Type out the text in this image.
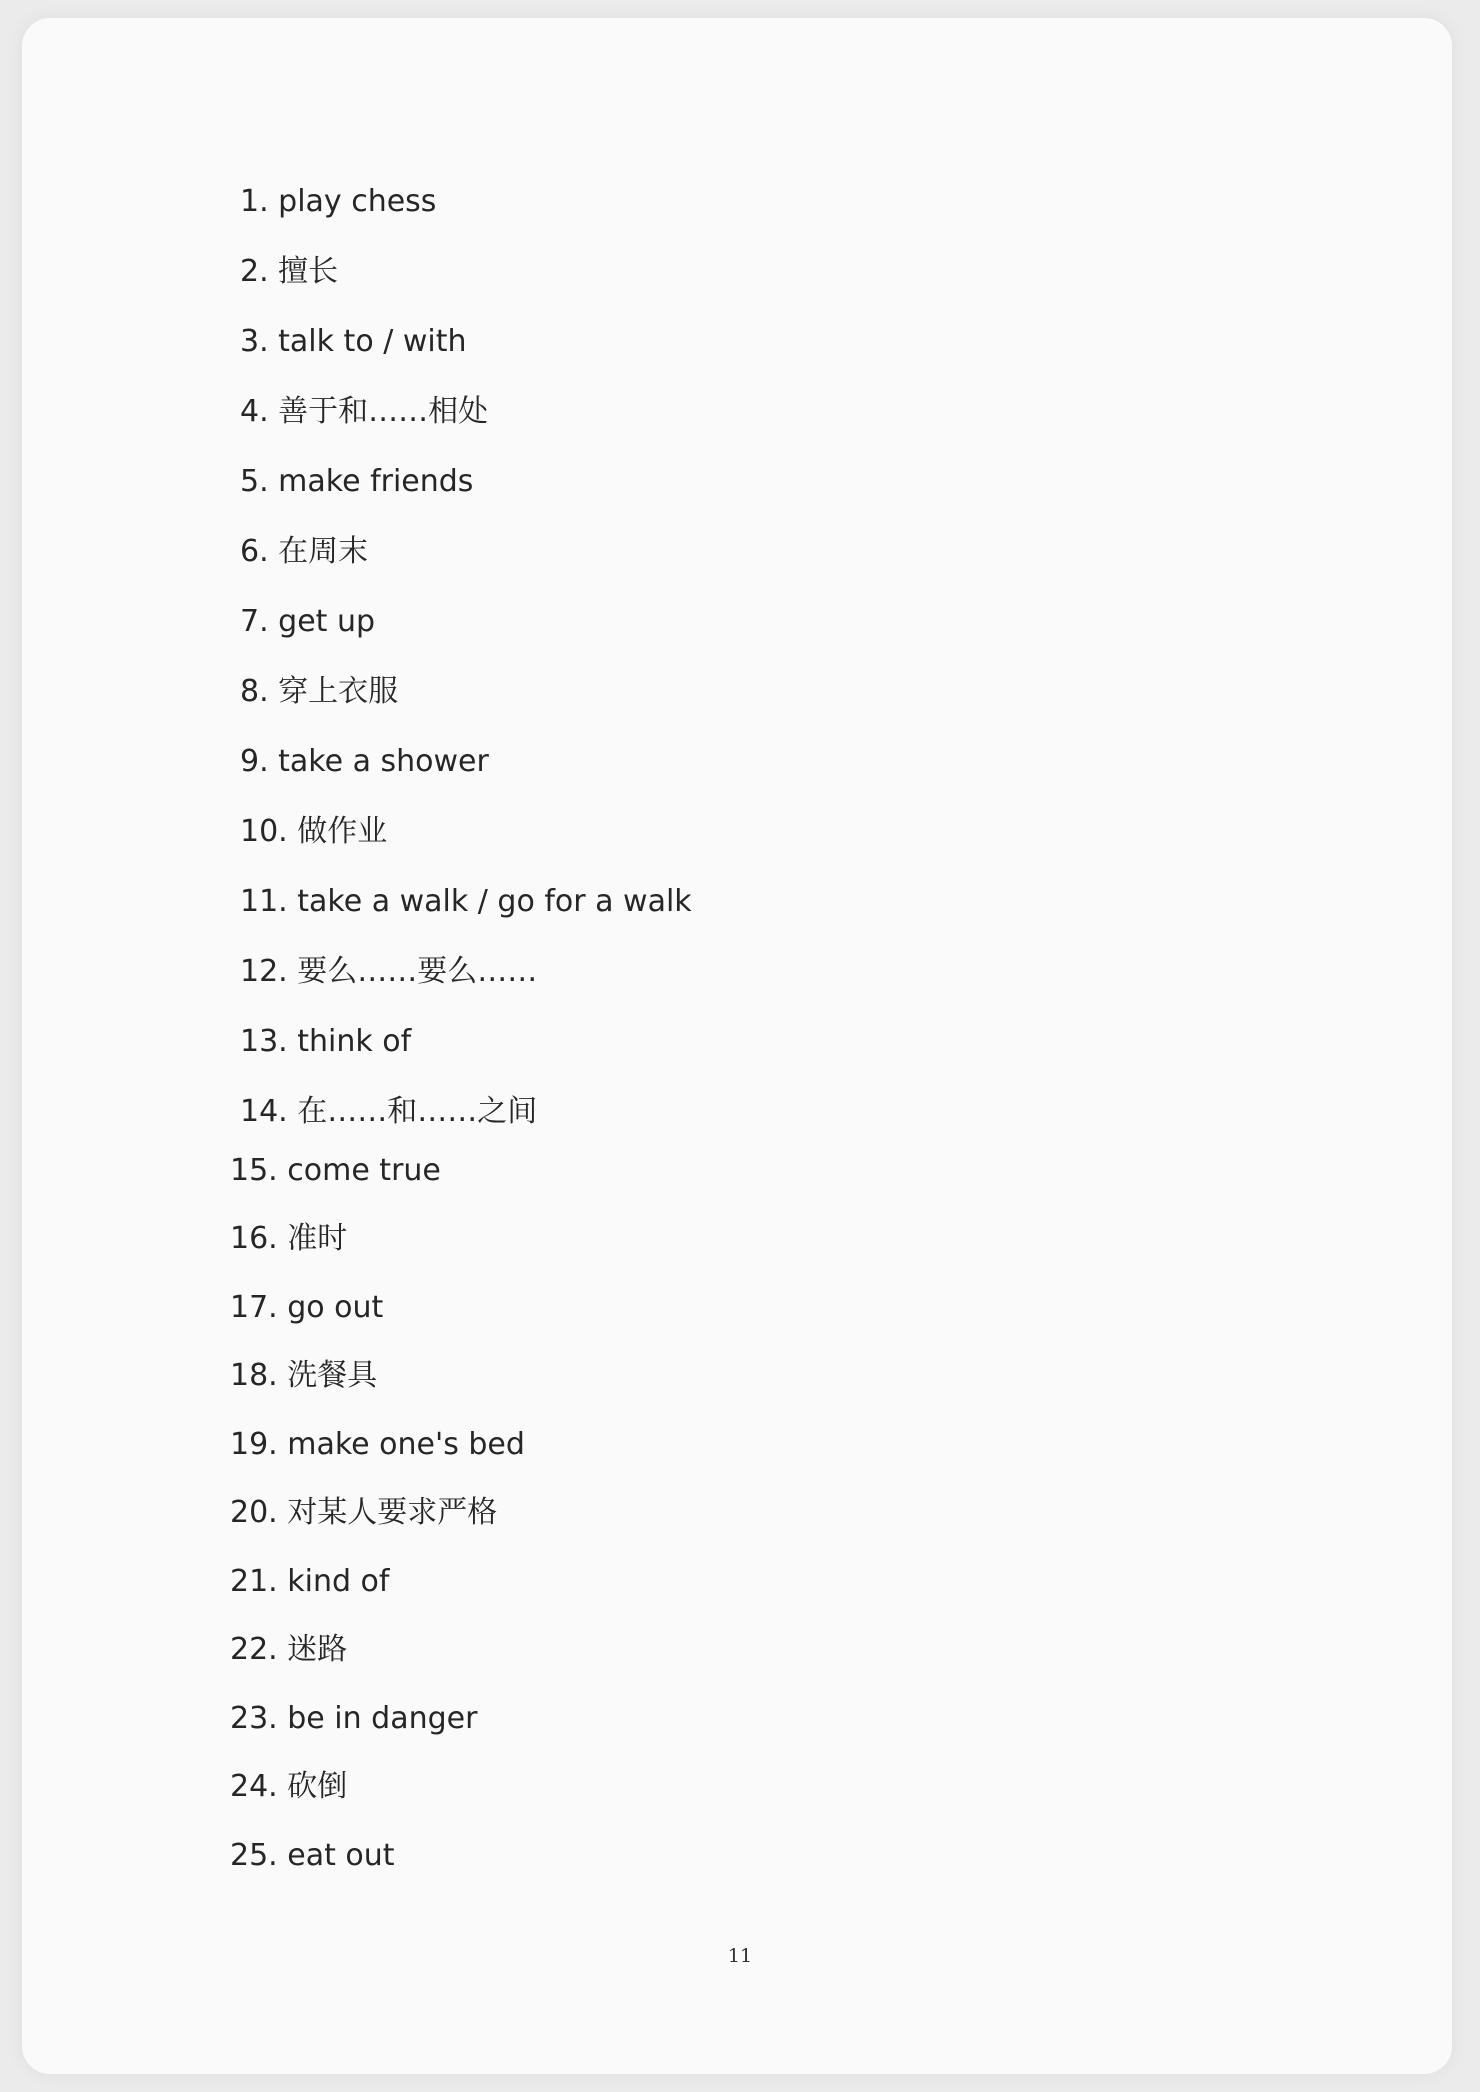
1. play chess

2. 擅长

3. talk to / with

4. 善于和……相处

5. make friends

6. 在周末

7. get up

8. 穿上衣服

9. take a shower

10. 做作业

11. take a walk / go for a walk

12. 要么……要么……

13. think of

14. 在……和……之间

15. come true

16. 准时

17. go out

18. 洗餐具

19. make one's bed

20. 对某人要求严格

21. kind of

22. 迷路

23. be in danger

24. 砍倒

25. eat out

11
